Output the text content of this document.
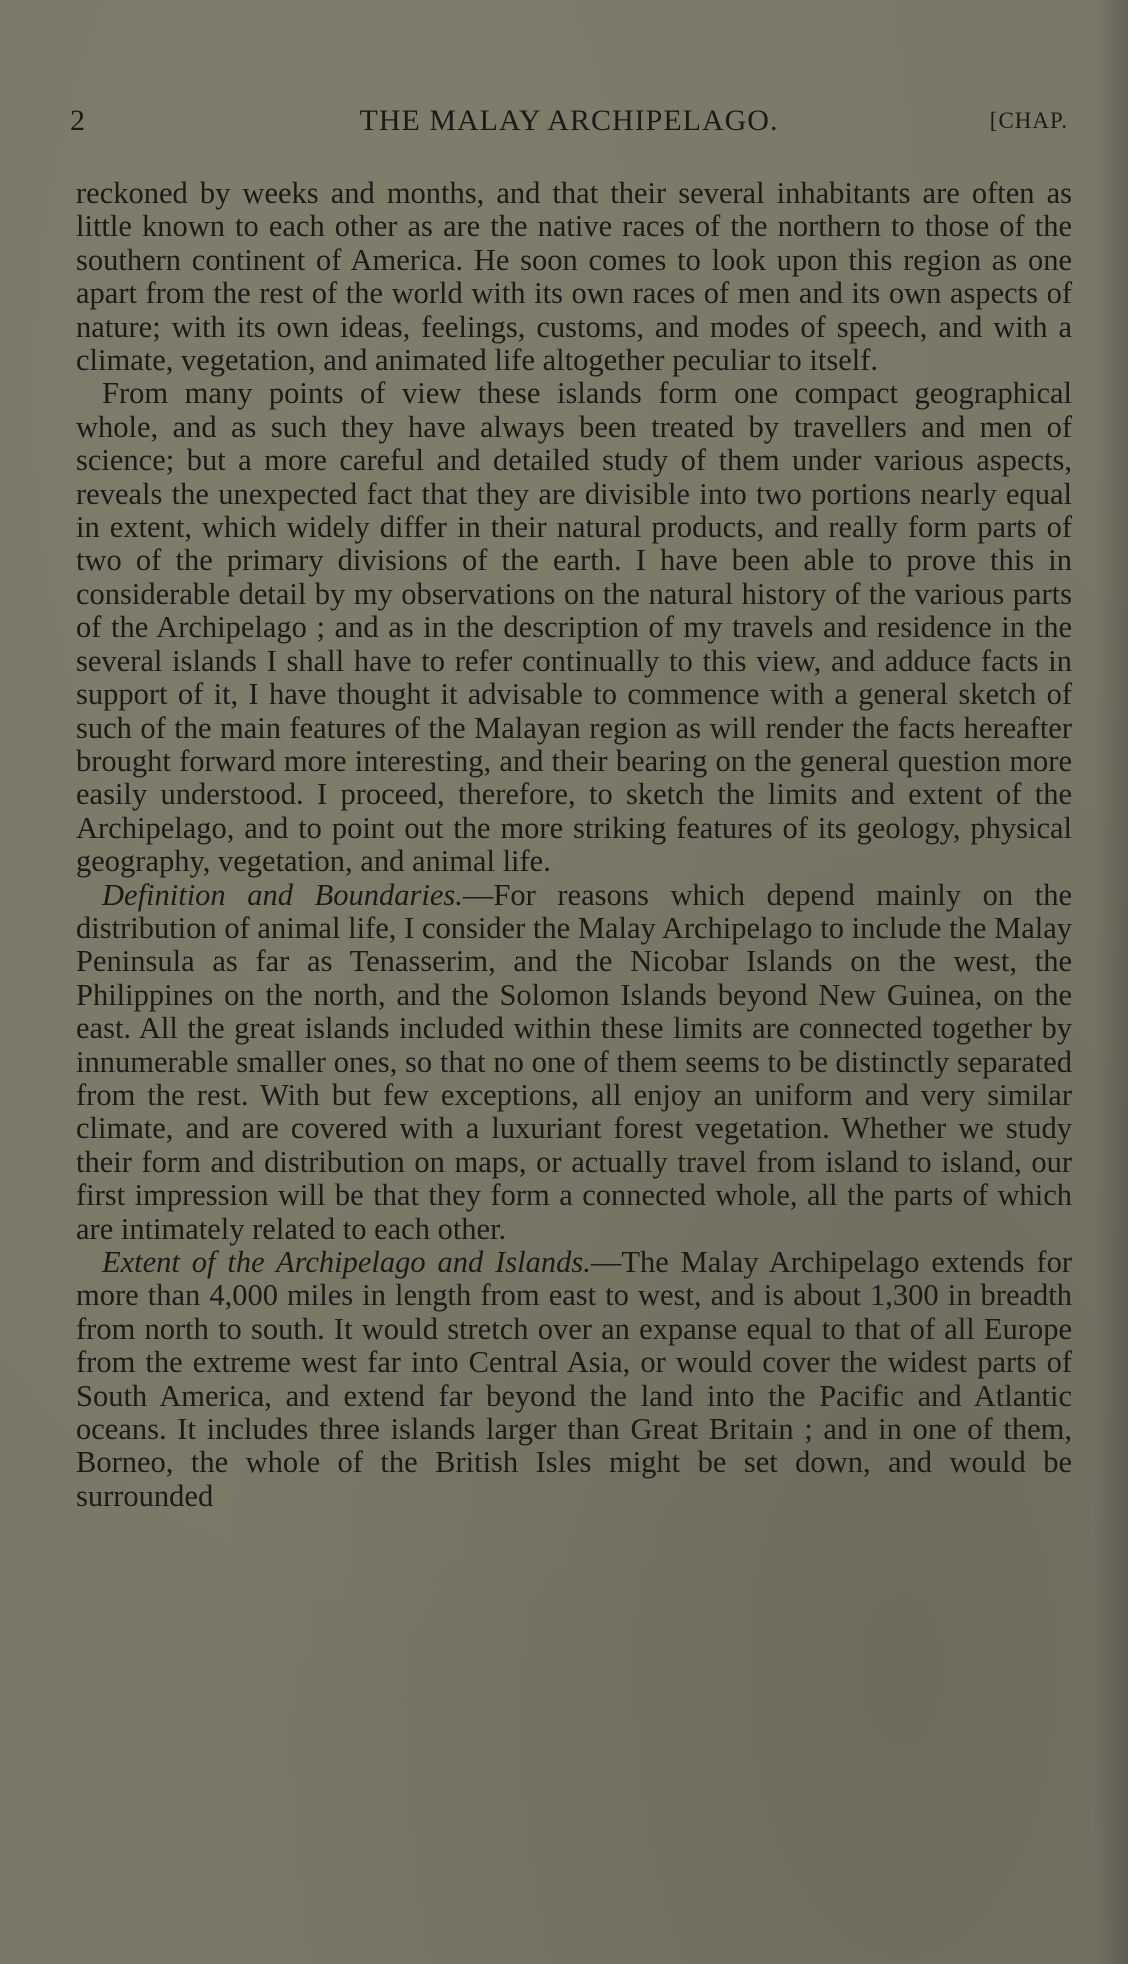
2	THE MALAY ARCHIPELAGO.	[CHAP.

reckoned by weeks and months, and that their several inhabitants are often as little known to each other as are the native races of the northern to those of the southern continent of America. He soon comes to look upon this region as one apart from the rest of the world with its own races of men and its own aspects of nature; with its own ideas, feelings, customs, and modes of speech, and with a climate, vegetation, and animated life altogether peculiar to itself.

From many points of view these islands form one compact geographical whole, and as such they have always been treated by travellers and men of science; but a more careful and detailed study of them under various aspects, reveals the unexpected fact that they are divisible into two portions nearly equal in extent, which widely differ in their natural products, and really form parts of two of the primary divisions of the earth. I have been able to prove this in considerable detail by my observations on the natural history of the various parts of the Archipelago ; and as in the description of my travels and residence in the several islands I shall have to refer continually to this view, and adduce facts in support of it, I have thought it advisable to commence with a general sketch of such of the main features of the Malayan region as will render the facts hereafter brought forward more interesting, and their bearing on the general question more easily understood. I proceed, therefore, to sketch the limits and extent of the Archipelago, and to point out the more striking features of its geology, physical geography, vegetation, and animal life.

Definition and Boundaries.—For reasons which depend mainly on the distribution of animal life, I consider the Malay Archipelago to include the Malay Peninsula as far as Tenasserim, and the Nicobar Islands on the west, the Philippines on the north, and the Solomon Islands beyond New Guinea, on the east. All the great islands included within these limits are connected together by innumerable smaller ones, so that no one of them seems to be distinctly separated from the rest. With but few exceptions, all enjoy an uniform and very similar climate, and are covered with a luxuriant forest vegetation. Whether we study their form and distribution on maps, or actually travel from island to island, our first impression will be that they form a connected whole, all the parts of which are intimately related to each other.

Extent of the Archipelago and Islands.—The Malay Archipelago extends for more than 4,000 miles in length from east to west, and is about 1,300 in breadth from north to south. It would stretch over an expanse equal to that of all Europe from the extreme west far into Central Asia, or would cover the widest parts of South America, and extend far beyond the land into the Pacific and Atlantic oceans. It includes three islands larger than Great Britain ; and in one of them, Borneo, the whole of the British Isles might be set down, and would be surrounded
